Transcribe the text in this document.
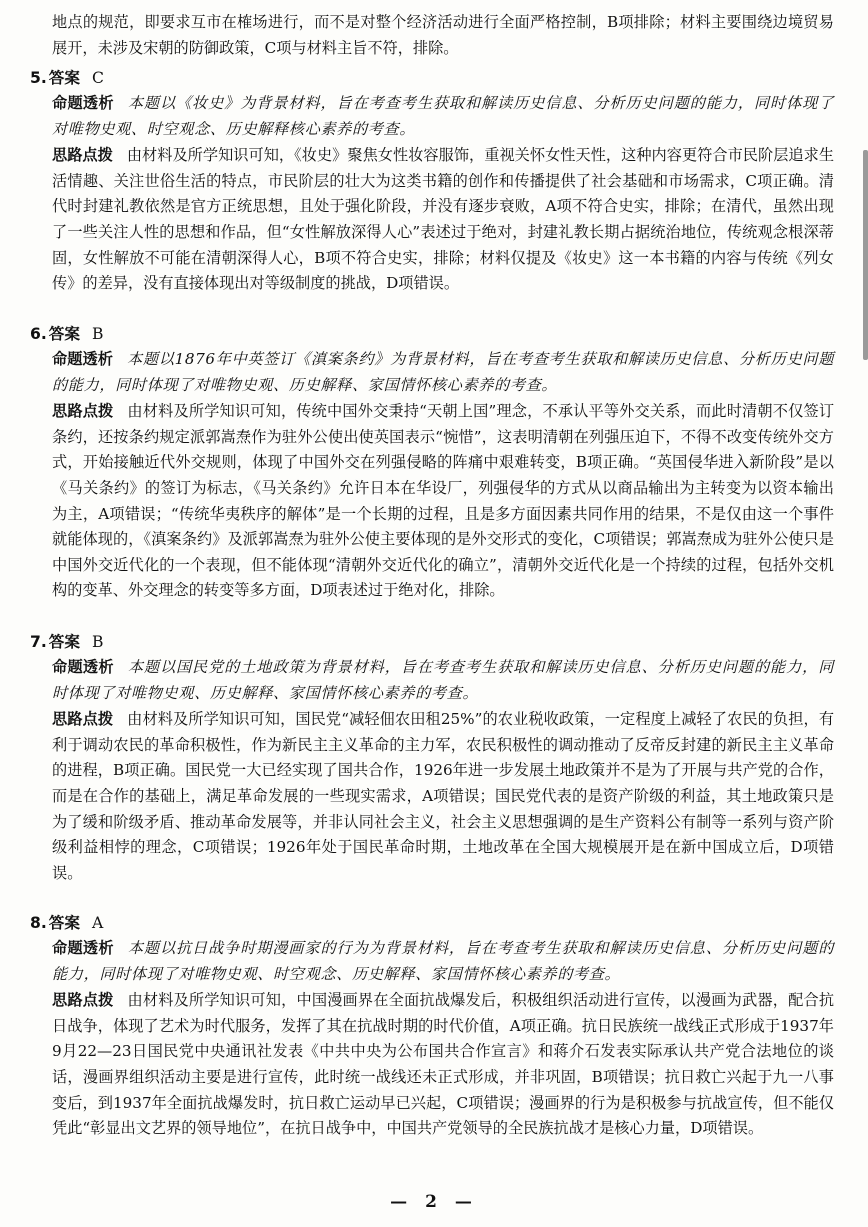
地点的规范，即要求互市在榷场进行，而不是对整个经济活动进行全面严格控制，B项排除；材料主要围绕边境贸易展开，未涉及宋朝的防御政策，C项与材料主旨不符，排除。

5. 答案 C

命题透析 本题以《妆史》为背景材料，旨在考查考生获取和解读历史信息、分析历史问题的能力，同时体现了对唯物史观、时空观念、历史解释核心素养的考查。

思路点拨 由材料及所学知识可知，《妆史》聚焦女性妆容服饰，重视关怀女性天性，这种内容更符合市民阶层追求生活情趣、关注世俗生活的特点，市民阶层的壮大为这类书籍的创作和传播提供了社会基础和市场需求，C项正确。清代时封建礼教依然是官方正统思想，且处于强化阶段，并没有逐步衰败，A项不符合史实，排除；在清代，虽然出现了一些关注人性的思想和作品，但“女性解放深得人心”表述过于绝对，封建礼教长期占据统治地位，传统观念根深蒂固，女性解放不可能在清朝深得人心，B项不符合史实，排除；材料仅提及《妆史》这一本书籍的内容与传统《列女传》的差异，没有直接体现出对等级制度的挑战，D项错误。

6. 答案 B

命题透析 本题以1876年中英签订《滇案条约》为背景材料，旨在考查考生获取和解读历史信息、分析历史问题的能力，同时体现了对唯物史观、历史解释、家国情怀核心素养的考查。

思路点拨 由材料及所学知识可知，传统中国外交秉持“天朝上国”理念，不承认平等外交关系，而此时清朝不仅签订条约，还按条约规定派郭嵩焘作为驻外公使出使英国表示“惋惜”，这表明清朝在列强压迫下，不得不改变传统外交方式，开始接触近代外交规则，体现了中国外交在列强侵略的阵痛中艰难转变，B项正确。“英国侵华进入新阶段”是以《马关条约》的签订为标志，《马关条约》允许日本在华设厂，列强侵华的方式从以商品输出为主转变为以资本输出为主，A项错误；“传统华夷秩序的解体”是一个长期的过程，且是多方面因素共同作用的结果，不是仅由这一个事件就能体现的，《滇案条约》及派郭嵩焘为驻外公使主要体现的是外交形式的变化，C项错误；郭嵩焘成为驻外公使只是中国外交近代化的一个表现，但不能体现“清朝外交近代化的确立”，清朝外交近代化是一个持续的过程，包括外交机构的变革、外交理念的转变等多方面，D项表述过于绝对化，排除。

7. 答案 B

命题透析 本题以国民党的土地政策为背景材料，旨在考查考生获取和解读历史信息、分析历史问题的能力，同时体现了对唯物史观、历史解释、家国情怀核心素养的考查。

思路点拨 由材料及所学知识可知，国民党“减轻佃农田租25%”的农业税收政策，一定程度上减轻了农民的负担，有利于调动农民的革命积极性，作为新民主主义革命的主力军，农民积极性的调动推动了反帝反封建的新民主主义革命的进程，B项正确。国民党一大已经实现了国共合作，1926年进一步发展土地政策并不是为了开展与共产党的合作，而是在合作的基础上，满足革命发展的一些现实需求，A项错误；国民党代表的是资产阶级的利益，其土地政策只是为了缓和阶级矛盾、推动革命发展等，并非认同社会主义，社会主义思想强调的是生产资料公有制等一系列与资产阶级利益相悖的理念，C项错误；1926年处于国民革命时期，土地改革在全国大规模展开是在新中国成立后，D项错误。

8. 答案 A

命题透析 本题以抗日战争时期漫画家的行为为背景材料，旨在考查考生获取和解读历史信息、分析历史问题的能力，同时体现了对唯物史观、时空观念、历史解释、家国情怀核心素养的考查。

思路点拨 由材料及所学知识可知，中国漫画界在全面抗战爆发后，积极组织活动进行宣传，以漫画为武器，配合抗日战争，体现了艺术为时代服务，发挥了其在抗战时期的时代价值，A项正确。抗日民族统一战线正式形成于1937年9月22—23日国民党中央通讯社发表《中共中央为公布国共合作宣言》和蒋介石发表实际承认共产党合法地位的谈话，漫画界组织活动主要是进行宣传，此时统一战线还未正式形成，并非巩固，B项错误；抗日救亡兴起于九一八事变后，到1937年全面抗战爆发时，抗日救亡运动早已兴起，C项错误；漫画界的行为是积极参与抗战宣传，但不能仅凭此“彰显出文艺界的领导地位”，在抗日战争中，中国共产党领导的全民族抗战才是核心力量，D项错误。

— 2 —
